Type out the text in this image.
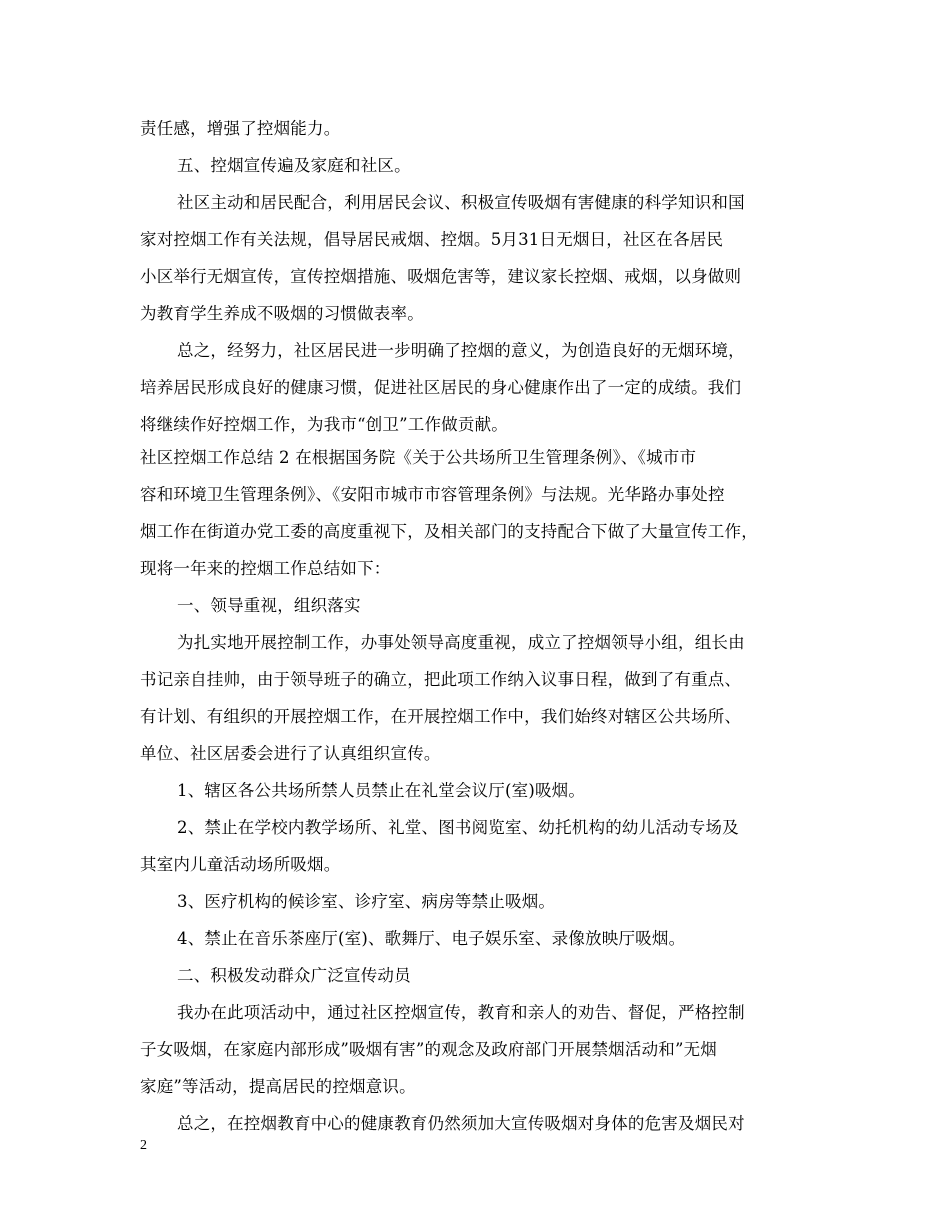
责任感，增强了控烟能力。
五、控烟宣传遍及家庭和社区。
社区主动和居民配合，利用居民会议、积极宣传吸烟有害健康的科学知识和国
家对控烟工作有关法规，倡导居民戒烟、控烟。5月31日无烟日，社区在各居民
小区举行无烟宣传，宣传控烟措施、吸烟危害等，建议家长控烟、戒烟，以身做则
为教育学生养成不吸烟的习惯做表率。
总之，经努力，社区居民进一步明确了控烟的意义，为创造良好的无烟环境，
培养居民形成良好的健康习惯，促进社区居民的身心健康作出了一定的成绩。我们
将继续作好控烟工作，为我市“创卫”工作做贡献。
社区控烟工作总结 2 在根据国务院《关于公共场所卫生管理条例》、《城市市
容和环境卫生管理条例》、《安阳市城市市容管理条例》与法规。光华路办事处控
烟工作在街道办党工委的高度重视下，及相关部门的支持配合下做了大量宣传工作，
现将一年来的控烟工作总结如下：
一、领导重视，组织落实
为扎实地开展控制工作，办事处领导高度重视，成立了控烟领导小组，组长由
书记亲自挂帅，由于领导班子的确立，把此项工作纳入议事日程，做到了有重点、
有计划、有组织的开展控烟工作，在开展控烟工作中，我们始终对辖区公共场所、
单位、社区居委会进行了认真组织宣传。
1、辖区各公共场所禁人员禁止在礼堂会议厅(室)吸烟。
2、禁止在学校内教学场所、礼堂、图书阅览室、幼托机构的幼儿活动专场及
其室内儿童活动场所吸烟。
3、医疗机构的候诊室、诊疗室、病房等禁止吸烟。
4、禁止在音乐茶座厅(室)、歌舞厅、电子娱乐室、录像放映厅吸烟。
二、积极发动群众广泛宣传动员
我办在此项活动中，通过社区控烟宣传，教育和亲人的劝告、督促，严格控制
子女吸烟，在家庭内部形成”吸烟有害”的观念及政府部门开展禁烟活动和”无烟
家庭”等活动，提高居民的控烟意识。
总之，在控烟教育中心的健康教育仍然须加大宣传吸烟对身体的危害及烟民对
2
